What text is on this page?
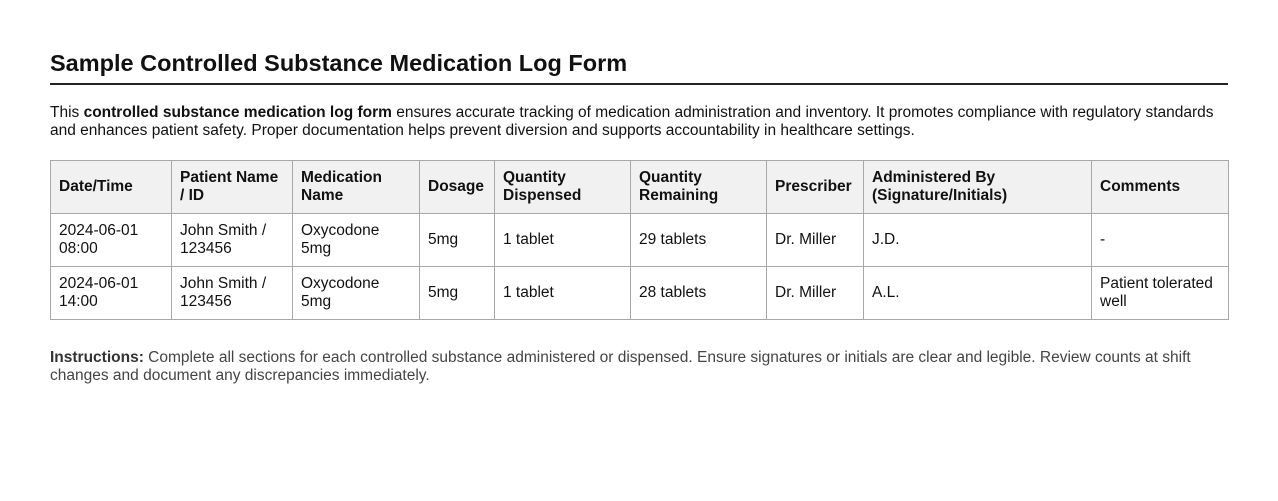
Sample Controlled Substance Medication Log Form

This controlled substance medication log form ensures accurate tracking of medication administration and inventory. It promotes compliance with regulatory standards and enhances patient safety. Proper documentation helps prevent diversion and supports accountability in healthcare settings.

Date/Time	Patient Name / ID	Medication Name	Dosage	Quantity Dispensed	Quantity Remaining	Prescriber	Administered By (Signature/Initials)	Comments
2024-06-01 08:00	John Smith / 123456	Oxycodone 5mg	5mg	1 tablet	29 tablets	Dr. Miller	J.D.	-
2024-06-01 14:00	John Smith / 123456	Oxycodone 5mg	5mg	1 tablet	28 tablets	Dr. Miller	A.L.	Patient tolerated well

Instructions: Complete all sections for each controlled substance administered or dispensed. Ensure signatures or initials are clear and legible. Review counts at shift changes and document any discrepancies immediately.
